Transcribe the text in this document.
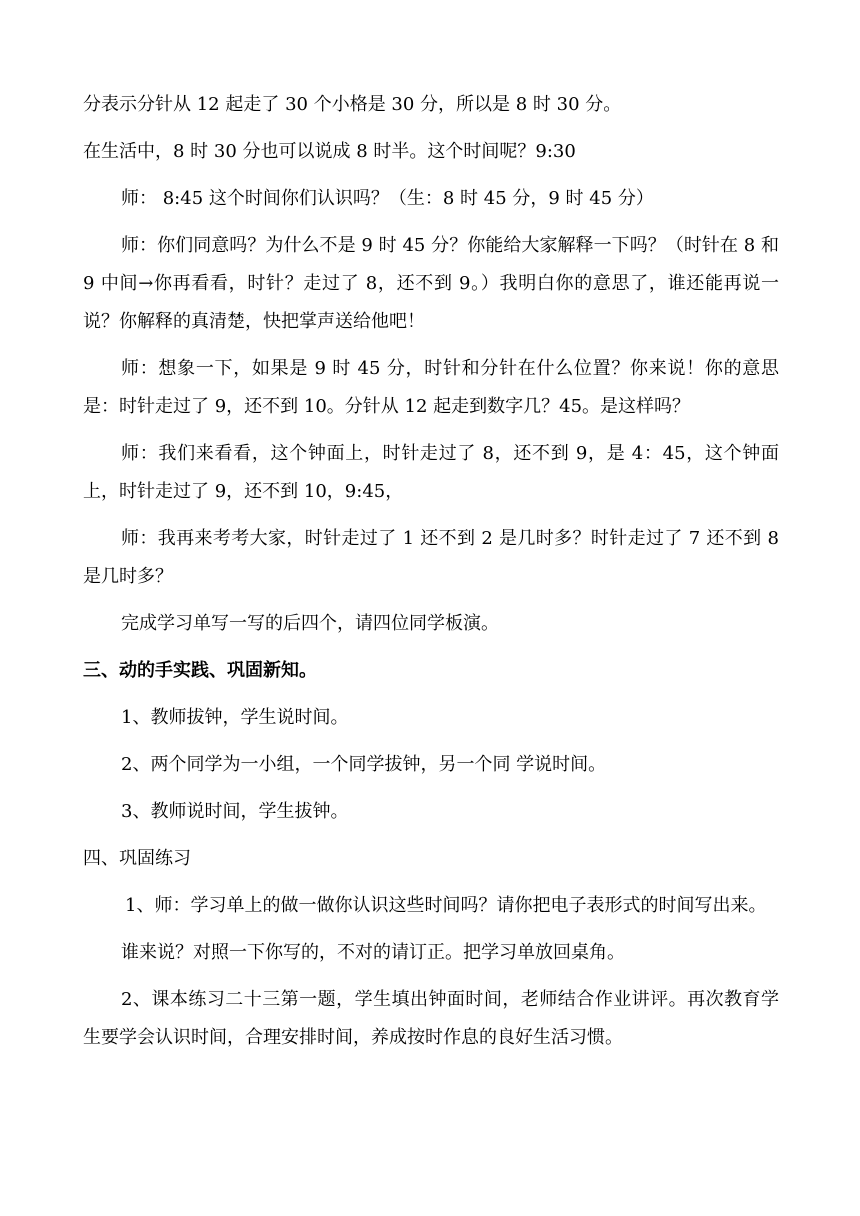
分表示分针从 12 起走了 30 个小格是 30 分，所以是 8 时 30 分。

在生活中，8 时 30 分也可以说成 8 时半。这个时间呢？9:30

师： 8:45 这个时间你们认识吗？（生：8 时 45 分，9 时 45 分）

师：你们同意吗？为什么不是 9 时 45 分？你能给大家解释一下吗？（时针在 8 和 9 中间→你再看看，时针？走过了 8，还不到 9。）我明白你的意思了，谁还能再说一说？你解释的真清楚，快把掌声送给他吧！

师：想象一下，如果是 9 时 45 分，时针和分针在什么位置？你来说！你的意思是：时针走过了 9，还不到 10。分针从 12 起走到数字几？45。是这样吗？

师：我们来看看，这个钟面上，时针走过了 8，还不到 9，是 4：45，这个钟面上，时针走过了 9，还不到 10，9:45，

师：我再来考考大家，时针走过了 1 还不到 2 是几时多？时针走过了 7 还不到 8 是几时多？

完成学习单写一写的后四个，请四位同学板演。

三、动的手实践、巩固新知。

1、教师拔钟，学生说时间。

2、两个同学为一小组，一个同学拔钟，另一个同 学说时间。

3、教师说时间，学生拔钟。

四、巩固练习

1、师：学习单上的做一做你认识这些时间吗？请你把电子表形式的时间写出来。

谁来说？对照一下你写的，不对的请订正。把学习单放回桌角。

2、课本练习二十三第一题，学生填出钟面时间，老师结合作业讲评。再次教育学生要学会认识时间，合理安排时间，养成按时作息的良好生活习惯。
